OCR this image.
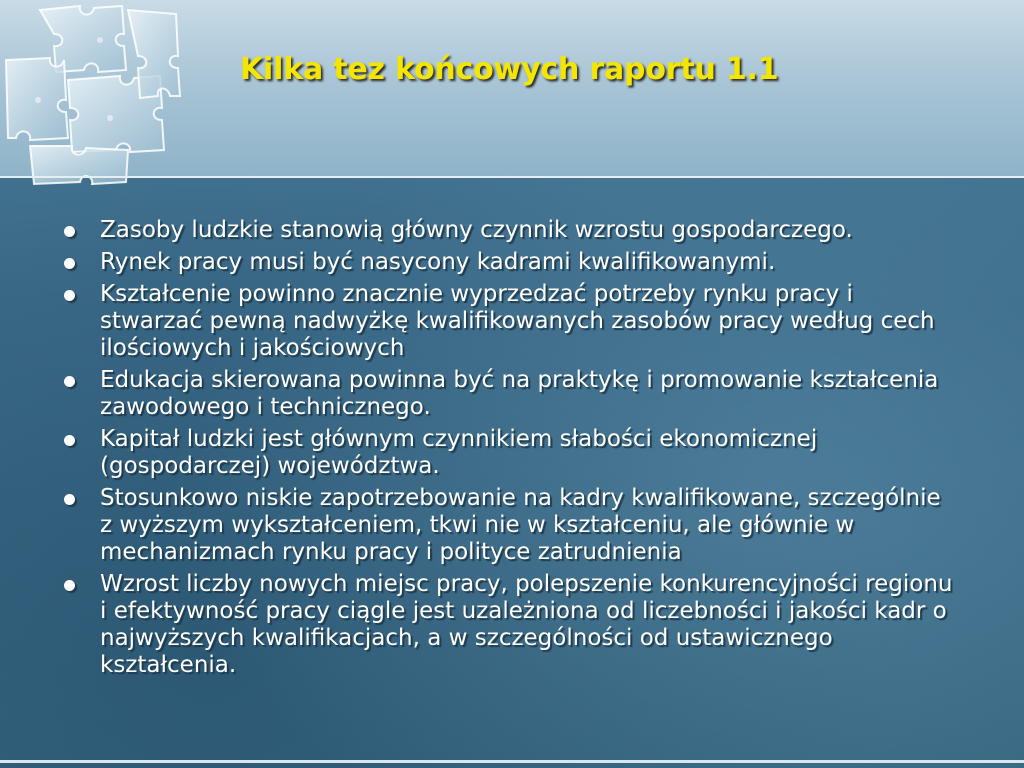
Kilka tez końcowych raportu 1.1
Zasoby ludzkie stanowią główny czynnik wzrostu gospodarczego.
Rynek pracy musi być nasycony kadrami kwalifikowanymi.
Kształcenie powinno znacznie wyprzedzać potrzeby rynku pracy i stwarzać pewną nadwyżkę kwalifikowanych zasobów pracy według cech ilościowych i jakościowych
Edukacja skierowana powinna być na praktykę i promowanie kształcenia zawodowego i technicznego.
Kapitał ludzki jest głównym czynnikiem słabości ekonomicznej (gospodarczej) województwa.
Stosunkowo niskie zapotrzebowanie na kadry kwalifikowane, szczególnie z wyższym wykształceniem, tkwi nie w kształceniu, ale głównie w mechanizmach rynku pracy i polityce zatrudnienia
Wzrost liczby nowych miejsc pracy, polepszenie konkurencyjności regionu i efektywność pracy ciągle jest uzależniona od liczebności i jakości kadr o najwyższych kwalifikacjach, a w szczególności od ustawicznego kształcenia.
